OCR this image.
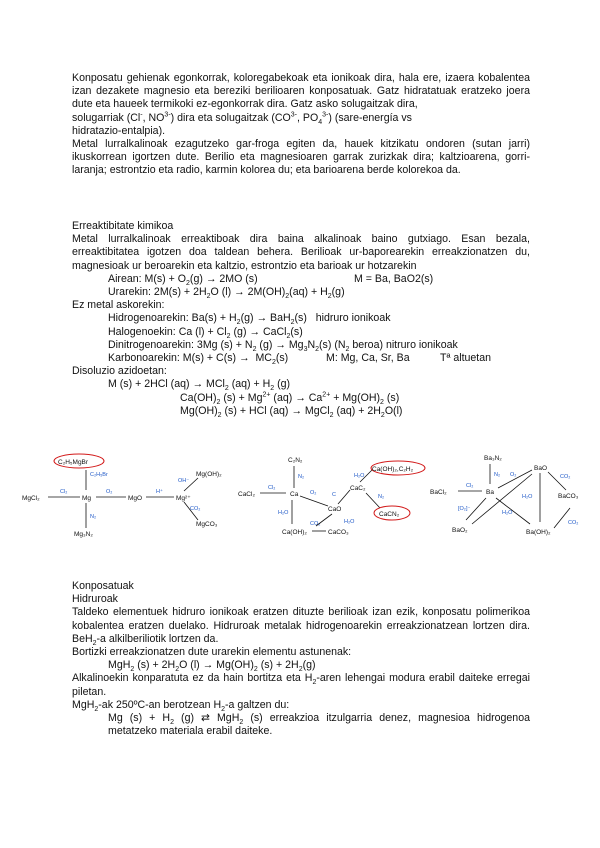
Konposatu gehienak egonkorrak, koloregabekoak eta ionikoak dira, hala ere, izaera kobalentea izan dezakete magnesio eta bereziki berilioaren konposatuak. Gatz hidratatuak eratzeko joera dute eta haueek termikoki ez-egonkorrak dira. Gatz asko solugaitzak dira,
solugarriak (Cl-, $NO^{3-}$) dira eta solugaitzak ($CO^{3-}$, $PO_4^{3-}$) (sare-energía vs
hidratazio-entalpia).
Metal lurralkalinoak ezagutzeko gar-froga egiten da, hauek kitzikatu ondoren (sutan jarri) ikuskorrean igortzen dute. Berilio eta magnesioaren garrak zurizkak dira; kaltzioarena, gorri-laranja; estrontzio eta radio, karmin kolorea du; eta barioarena berde kolorekoa da.
Erreaktibitate kimikoa
Metal lurralkalinoak erreaktiboak dira baina alkalinoak baino gutxiago. Esan bezala, erreaktibitatea igotzen doa taldean behera. Berilioak ur-baporearekin erreakzionatzen du, magnesioak ur beroarekin eta kaltzio, estrontzio eta barioak ur hotzarekin
Airean: $M(s) + O_2(g) \to 2MO$ (s)	M = Ba, BaO2(s)
Urarekin: $2M(s) + 2H_2O$ $(l) \to 2M(OH)_2(aq) + H_2(g)$
Ez metal askorekin:
Hidrogenoarekin: $Ba(s) + H_2(g) \to BaH_2(s)$   hidruro ionikoak
Halogenoekin: Ca $(l) + Cl_2$ (g) → CaCl$_2$(s)
Dinitrogenoarekin: 3Mg $(s) + N_2$ $(g) \to Mg_3N_2(s)$ ($N_2$ beroa) nitruro ionikoak
Karbonoarekin: $M(s) + C(s) \to MC_2(s)$	M: Mg, Ca, Sr, Ba	Tª altuetan
Disoluzio azidoetan:
M (s) + 2HCl (aq) → MCl$_2$ $(aq) + H_2$ (g)
$Ca(OH)_2$ $(s) + Mg^{2+}$ $(aq) \to Ca^{2+} + Mg(OH)_2$ (s)
$Mg(OH)_2$ (s) + HCl (aq) → MgCl$_2$ $(aq) + 2H_2O(l)$
C₂H₅MgBr
C₂H₅Br
Mg
Cl₂
MgCl₂
N₂
Mg₃N₂
O₂
MgO
H⁺
Mg²⁺
OH⁻
Mg(OH)₂
CO₂
MgCO₃
C₂N₂
N₂
Ca
Cl₂
CaCl₂	O₂
CaO
H₂O
Ca(OH)₂
CO₂
CaCO₃
H₂O
C
CaC₂
H₂O
Ca(OH)₂,C₂H₂
N₂
CaCN₂
Ba₃N₂
N₂
Ba
Cl₂
BaCl₂
[O₂]⁻
BaO₂
O₂
BaO
CO₂
BaCO₃
H₂O
H₂O
Ba(OH)₂
CO₂
Konposatuak
Hidruroak
Taldeko elementuek hidruro ionikoak eratzen dituzte berilioak izan ezik, konposatu polimerikoa kobalentea eratzen duelako. Hidruroak metalak hidrogenoarekin erreakzionatzean lortzen dira. BeH$_2$-a alkilberiliotik lortzen da.
Bortizki erreakzionatzen dute urarekin elementu astunenak:
MgH$_2$ $(s) + 2H_2O$ $(l) \to Mg(OH)_2$ $(s) + 2H_2(g)$
Alkalinoekin konparatuta ez da hain bortitza eta $H_2$-aren lehengai modura erabil daiteke erregai piletan.
MgH$_2$-ak 250ºC-an berotzean $H_2-a$ galtzen du:
Mg $(s) + H_2$ (g) ⇄ MgH$_2$ (s) erreakzioa itzulgarria denez, magnesioa hidrogenoa metatzeko materiala erabil daiteke.
